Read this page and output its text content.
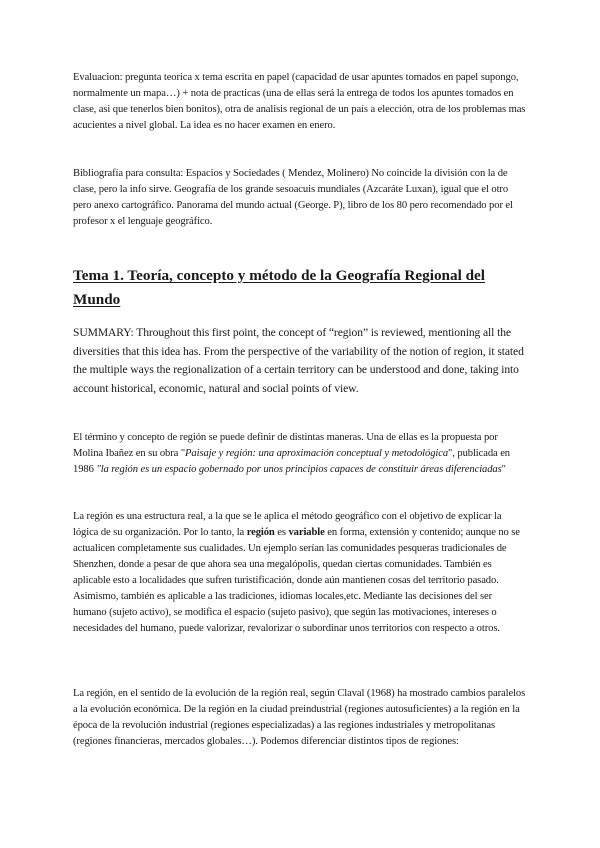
Evaluacion: pregunta teorica x tema escrita en papel (capacidad de usar apuntes tomados en papel supongo, normalmente un mapa…) + nota de practicas (una de ellas será la entrega de todos los apuntes tomados en clase, asi que tenerlos bien bonitos), otra de analisis regional de un país a elección, otra de los problemas mas acucientes a nivel global. La idea es no hacer examen en enero.

Bibliografía para consulta: Espacios y Sociedades ( Mendez, Molinero) No coincide la división con la de clase, pero la info sirve. Geografía de los grande sesoacuis mundiales (Azcaráte Luxan), igual que el otro pero anexo cartográfico. Panorama del mundo actual (George. P), libro de los 80 pero recomendado por el profesor x el lenguaje geográfico.

Tema 1. Teoría, concepto y método de la Geografía Regional del Mundo

SUMMARY: Throughout this first point, the concept of “region” is reviewed, mentioning all the diversities that this idea has. From the perspective of the variability of the notion of region, it stated the multiple ways the regionalization of a certain territory can be understood and done, taking into account historical, economic, natural and social points of view.

El término y concepto de región se puede definir de distintas maneras. Una de ellas es la propuesta por Molina Ibañez en su obra "Paisaje y región: una aproximación conceptual y metodológica", publicada en 1986 "la región es un espacio gobernado por unos principios capaces de constituir áreas diferenciadas"

La región es una estructura real, a la que se le aplica el método geográfico con el objetivo de explicar la lógica de su organización. Por lo tanto, la región es variable en forma, extensión y contenido; aunque no se actualicen completamente sus cualidades. Un ejemplo serían las comunidades pesqueras tradicionales de Shenzhen, donde a pesar de que ahora sea una megalópolis, quedan ciertas comunidades. También es aplicable esto a localidades que sufren turistificación, donde aún mantienen cosas del territorio pasado. Asimismo, también es aplicable a las tradiciones, idiomas locales,etc. Mediante las decisiones del ser humano (sujeto activo), se modifica el espacio (sujeto pasivo), que según las motivaciones, intereses o necesidades del humano, puede valorizar, revalorizar o subordinar unos territorios con respecto a otros.

La región, en el sentido de la evolución de la región real, según Claval (1968) ha mostrado cambios paralelos a la evolución económica. De la región en la ciudad preindustrial (regiones autosuficientes) a la región en la época de la revolución industrial (regiones especializadas) a las regiones industriales y metropolitanas (regiones financieras, mercados globales…). Podemos diferenciar distintos tipos de regiones:
